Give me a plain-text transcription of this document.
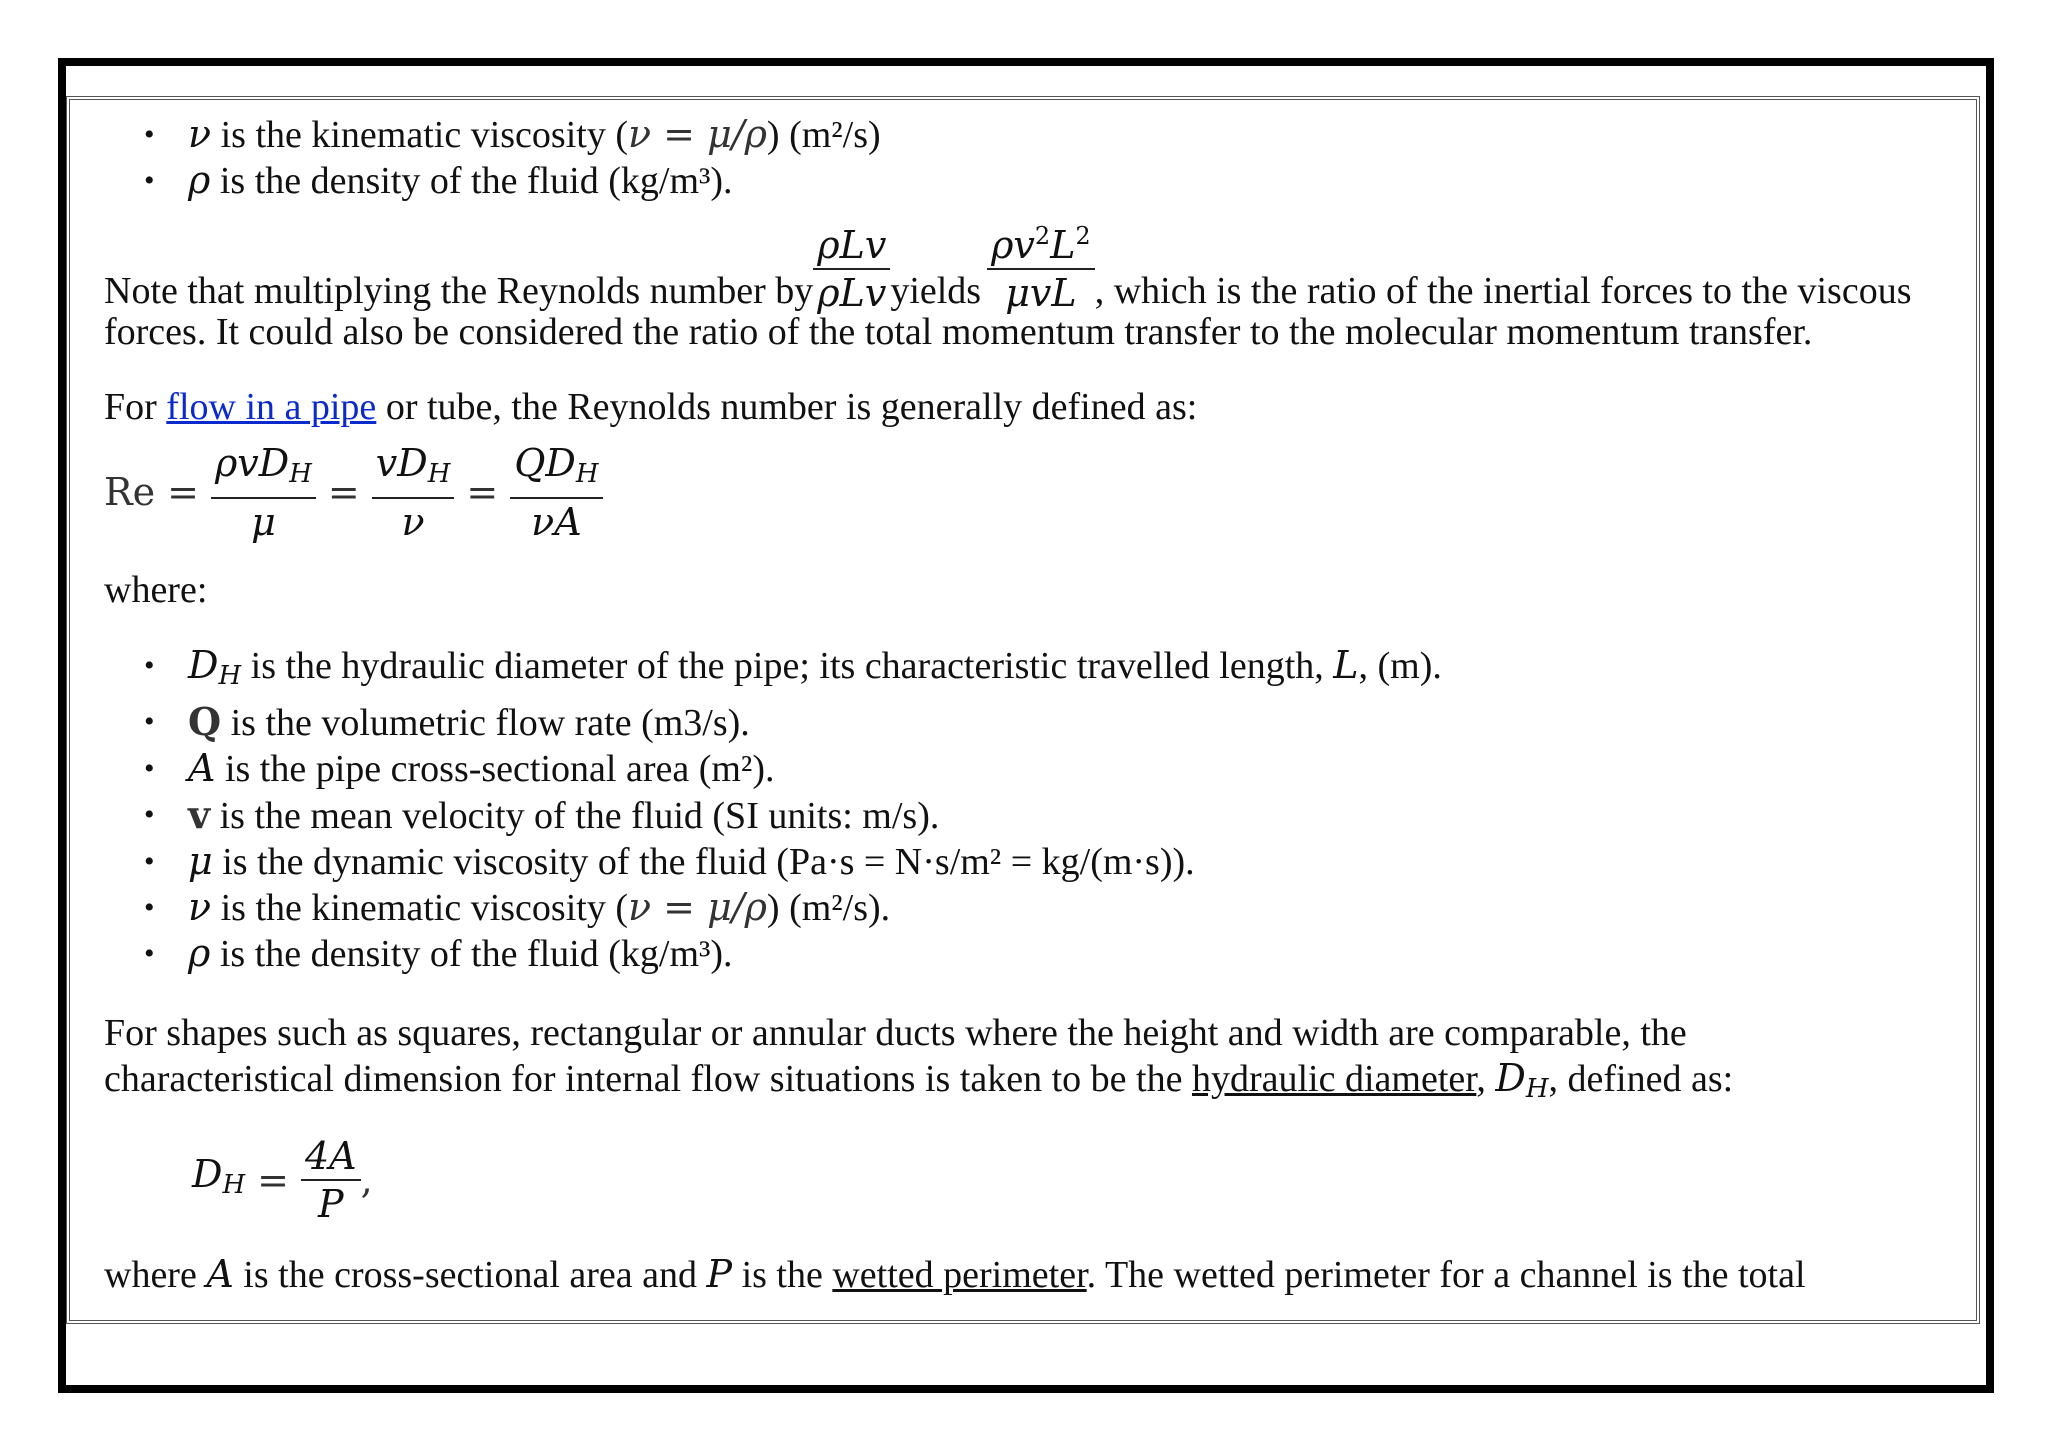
• ν is the kinematic viscosity (ν = μ/ρ) (m²/s)
• ρ is the density of the fluid (kg/m³).
Note that multiplying the Reynolds number by $\frac{\text{ρLv}}{\text{ρLv}}$ yields $\frac{\rho v^2L^2}{\text{μvL}}$ , which is the ratio of the inertial forces to the viscous
forces. It could also be considered the ratio of the total momentum transfer to the molecular momentum transfer.

For flow in a pipe or tube, the Reynolds number is generally defined as:

$Re = \frac{\rho vD_H}{\mu} = \frac{vD_H}{\nu} = \frac{QD_H}{\nu A}$

where:

• $D_H$ is the hydraulic diameter of the pipe; its characteristic travelled length, L, (m).
• Q is the volumetric flow rate (m3/s).
• A is the pipe cross-sectional area (m²).
• v is the mean velocity of the fluid (SI units: m/s).
• μ is the dynamic viscosity of the fluid (Pa·s = N·s/m² = kg/(m·s)).
• ν is the kinematic viscosity (ν = μ/ρ) (m²/s).
• ρ is the density of the fluid (kg/m³).
For shapes such as squares, rectangular or annular ducts where the height and width are comparable, the
characteristical dimension for internal flow situations is taken to be the hydraulic diameter, $D_H$, defined as:
$D_H = \frac{4A}{P}$ ,

where A is the cross-sectional area and P is the wetted perimeter. The wetted perimeter for a channel is the total
